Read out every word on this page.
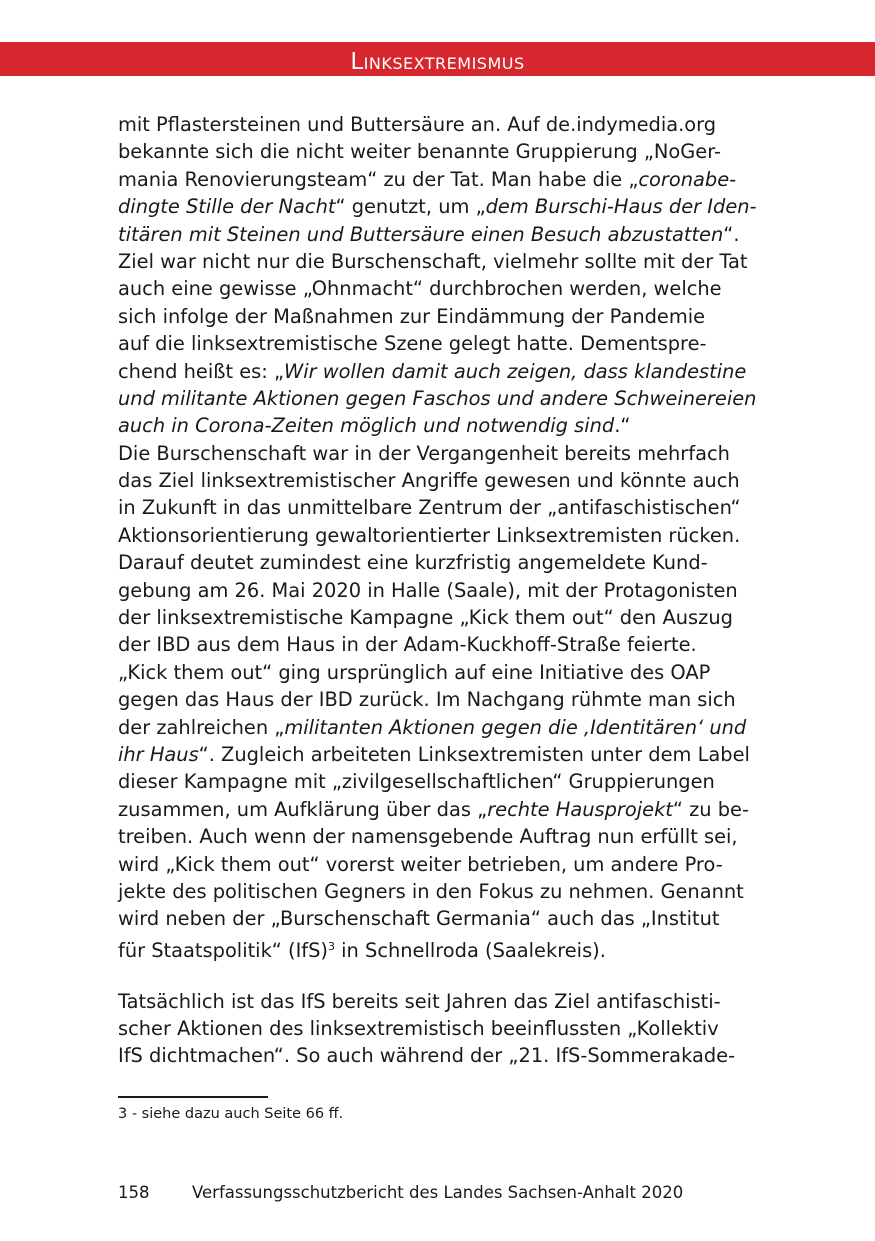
Linksextremismus
mit Pflastersteinen und Buttersäure an. Auf de.indymedia.org
bekannte sich die nicht weiter benannte Gruppierung „NoGer-
mania Renovierungsteam“ zu der Tat. Man habe die „coronabe-
dingte Stille der Nacht“ genutzt, um „dem Burschi-Haus der Iden-
titären mit Steinen und Buttersäure einen Besuch abzustatten“.
Ziel war nicht nur die Burschenschaft, vielmehr sollte mit der Tat
auch eine gewisse „Ohnmacht“ durchbrochen werden, welche
sich infolge der Maßnahmen zur Eindämmung der Pandemie
auf die linksextremistische Szene gelegt hatte. Dementspre-
chend heißt es: „Wir wollen damit auch zeigen, dass klandestine
und militante Aktionen gegen Faschos und andere Schweinereien
auch in Corona-Zeiten möglich und notwendig sind.“
Die Burschenschaft war in der Vergangenheit bereits mehrfach
das Ziel linksextremistischer Angriffe gewesen und könnte auch
in Zukunft in das unmittelbare Zentrum der „antifaschistischen“
Aktionsorientierung gewaltorientierter Linksextremisten rücken.
Darauf deutet zumindest eine kurzfristig angemeldete Kund-
gebung am 26. Mai 2020 in Halle (Saale), mit der Protagonisten
der linksextremistische Kampagne „Kick them out“ den Auszug
der IBD aus dem Haus in der Adam-Kuckhoff-Straße feierte.
„Kick them out“ ging ursprünglich auf eine Initiative des OAP
gegen das Haus der IBD zurück. Im Nachgang rühmte man sich
der zahlreichen „militanten Aktionen gegen die ‚Identitären‘ und
ihr Haus“. Zugleich arbeiteten Linksextremisten unter dem Label
dieser Kampagne mit „zivilgesellschaftlichen“ Gruppierungen
zusammen, um Aufklärung über das „rechte Hausprojekt“ zu be-
treiben. Auch wenn der namensgebende Auftrag nun erfüllt sei,
wird „Kick them out“ vorerst weiter betrieben, um andere Pro-
jekte des politischen Gegners in den Fokus zu nehmen. Genannt
wird neben der „Burschenschaft Germania“ auch das „Institut
für Staatspolitik“ (IfS)$^3$ in Schnellroda (Saalekreis).
Tatsächlich ist das IfS bereits seit Jahren das Ziel antifaschisti-
scher Aktionen des linksextremistisch beeinflussten „Kollektiv
IfS dichtmachen“. So auch während der „21. IfS-Sommerakade-
3 - siehe dazu auch Seite 66 ff.
158	Verfassungsschutzbericht des Landes Sachsen-Anhalt 2020
